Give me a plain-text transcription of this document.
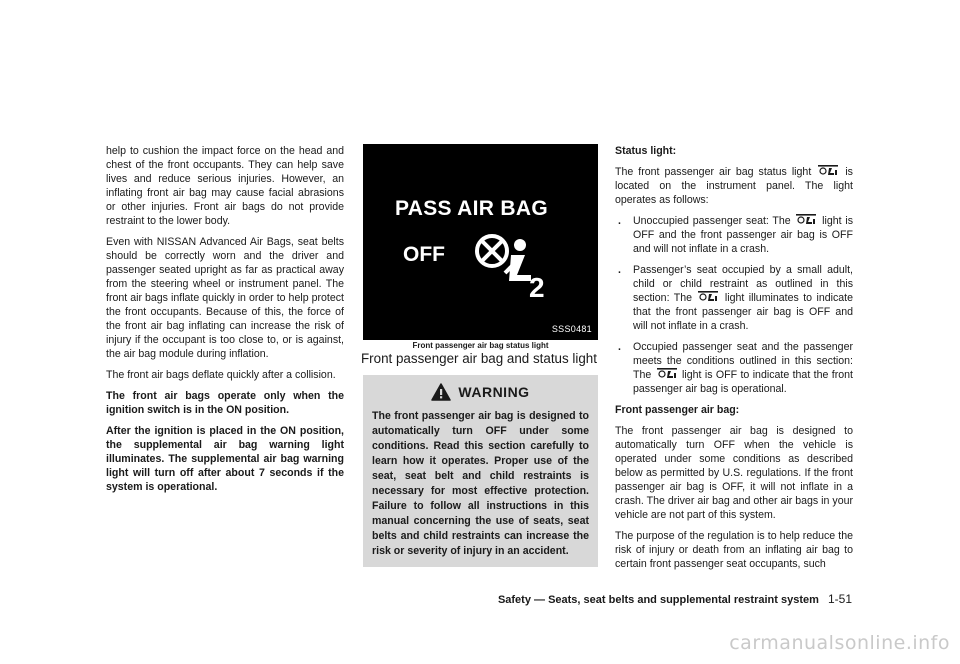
help to cushion the impact force on the head and chest of the front occupants. They can help save lives and reduce serious injuries. However, an inflating front air bag may cause facial abrasions or other injuries. Front air bags do not provide restraint to the lower body.

Even with NISSAN Advanced Air Bags, seat belts should be correctly worn and the driver and passenger seated upright as far as practical away from the steering wheel or instrument panel. The front air bags inflate quickly in order to help protect the front occupants. Because of this, the force of the front air bag inflating can increase the risk of injury if the occupant is too close to, or is against, the air bag module during inflation.

The front air bags deflate quickly after a collision.

The front air bags operate only when the ignition switch is in the ON position.

After the ignition is placed in the ON position, the supplemental air bag warning light illuminates. The supplemental air bag warning light will turn off after about 7 seconds if the system is operational.

PASS AIR BAG
OFF
2
SSS0481
Front passenger air bag status light
Front passenger air bag and status light
WARNING
The front passenger air bag is designed to automatically turn OFF under some conditions. Read this section carefully to learn how it operates. Proper use of the seat, seat belt and child restraints is necessary for most effective protection. Failure to follow all instructions in this manual concerning the use of seats, seat belts and child restraints can increase the risk or severity of injury in an accident.

Status light:

The front passenger air bag status light	is located on the instrument panel. The light operates as follows:

.	Unoccupied passenger seat: The	light is OFF and the front passenger air bag is OFF and will not inflate in a crash.
.	Passenger’s seat occupied by a small adult, child or child restraint as outlined in this section: The	light illuminates to indicate that the front passenger air bag is OFF and will not inflate in a crash.
.	Occupied passenger seat and the passenger meets the conditions outlined in this section: The	light is OFF to indicate that the front passenger air bag is operational.

Front passenger air bag:

The front passenger air bag is designed to automatically turn OFF when the vehicle is operated under some conditions as described below as permitted by U.S. regulations. If the front passenger air bag is OFF, it will not inflate in a crash. The driver air bag and other air bags in your vehicle are not part of this system.

The purpose of the regulation is to help reduce the risk of injury or death from an inflating air bag to certain front passenger seat occupants, such

Safety — Seats, seat belts and supplemental restraint system 1-51
carmanualsonline.info
